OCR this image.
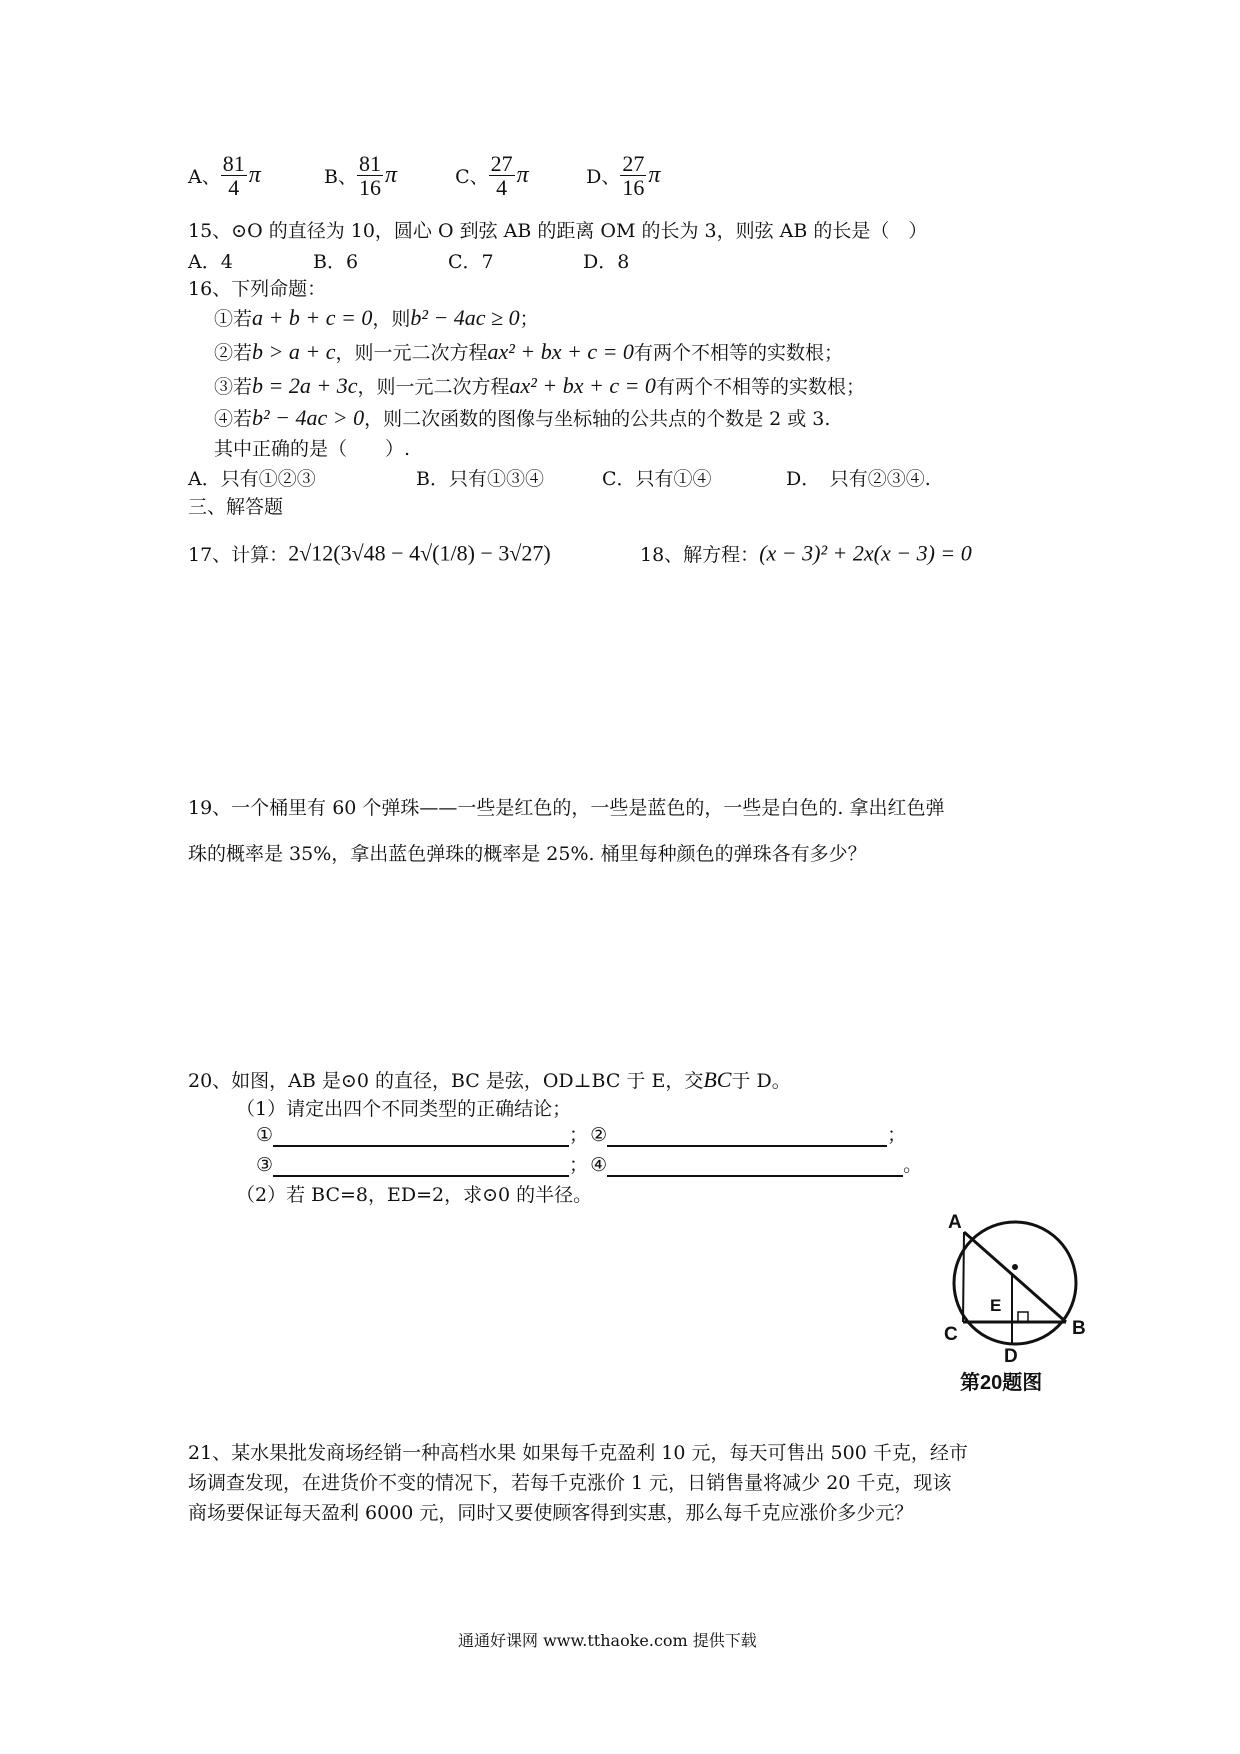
A、 $\frac{81}{4}$ π	B、 $\frac{81}{16}$ π	C、 $\frac{27}{4}$ π	D、 $\frac{27}{16}$ π
15、⊙O 的直径为 10，圆心 O 到弦 AB 的距离 OM 的长为 3，则弦 AB 的长是（　）
A．4	B．6	C．7	D．8
16、下列命题：
①若a + b + c = 0，则b² − 4ac ≥ 0；
②若b > a + c，则一元二次方程ax² + bx + c = 0有两个不相等的实数根；
③若b = 2a + 3c，则一元二次方程ax² + bx + c = 0有两个不相等的实数根；
④若b² − 4ac > 0，则二次函数的图像与坐标轴的公共点的个数是 2 或 3.
其中正确的是（　　）.
A．只有①②③	B．只有①③④	C．只有①④	D．　只有②③④.
三、解答题
17、计算：2√12(3√48 − 4√(1/8) − 3√27)	18、解方程：(x − 3)² + 2x(x − 3) = 0
19、一个桶里有 60 个弹珠——一些是红色的，一些是蓝色的，一些是白色的. 拿出红色弹
珠的概率是 35%，拿出蓝色弹珠的概率是 25%. 桶里每种颜色的弹珠各有多少？
20、如图，AB 是⊙0 的直径，BC 是弦，OD⊥BC 于 E，交BC于 D。
（1）请定出四个不同类型的正确结论；
①	； ②	；
③	； ④	。
（2）若 BC=8，ED=2，求⊙0 的半径。
A
E
C	B
D
第20题图
21、某水果批发商场经销一种高档水果 如果每千克盈利 10 元，每天可售出 500 千克，经市
场调查发现，在进货价不变的情况下，若每千克涨价 1 元，日销售量将减少 20 千克，现该
商场要保证每天盈利 6000 元，同时又要使顾客得到实惠，那么每千克应涨价多少元？
通通好课网 www.tthaoke.com 提供下载
